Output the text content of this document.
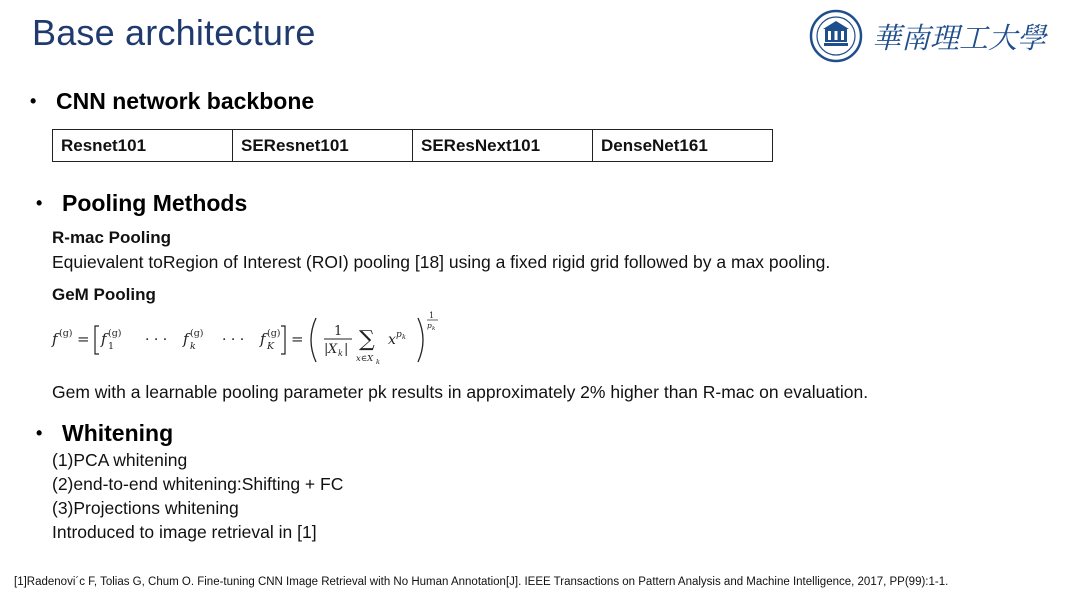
Base architecture	華南理工大學
• CNN network backbone
Resnet101	SEResnet101	SEResNext101	DenseNet161
• Pooling Methods
R-mac Pooling
Equievalent toRegion of Interest (ROI) pooling [18] using a fixed rigid grid followed by a max pooling.
GeM Pooling
f (g) = f (g)
1 · · · f (g)
k · · · f (g)
K = 1
| X k | ∑
x∈X k
x p k
1
p k
Gem with a learnable pooling parameter pk results in approximately 2% higher than R-mac on evaluation.
• Whitening
(1)PCA whitening
(2)end-to-end whitening:Shifting + FC
(3)Projections whitening
Introduced to image retrieval in [1]
[1]Radenovi´c F, Tolias G, Chum O. Fine-tuning CNN Image Retrieval with No Human Annotation[J]. IEEE Transactions on Pattern Analysis and Machine Intelligence, 2017, PP(99):1-1.
